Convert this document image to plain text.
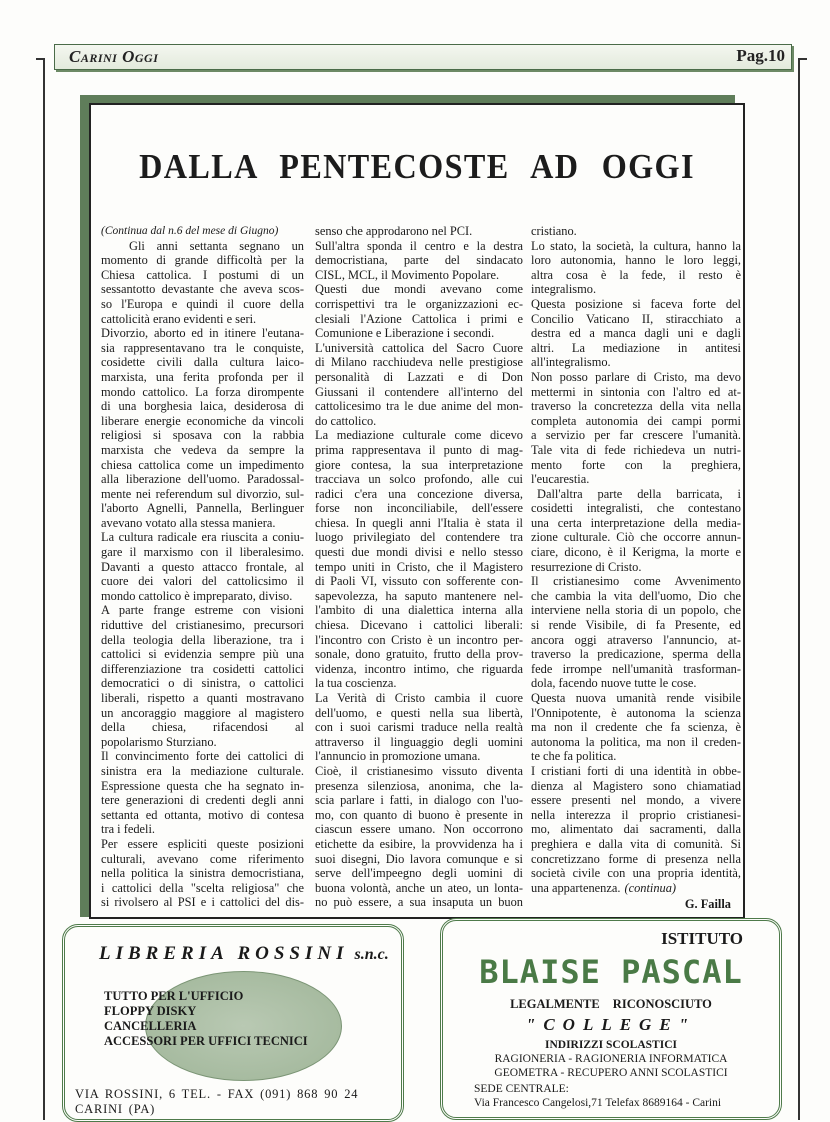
Carini Oggi	Pag.10
DALLA PENTECOSTE AD OGGI
(Continua dal n.6 del mese di Giugno)
Gli anni settanta segnano un
momento di grande difficoltà per la
Chiesa cattolica. I postumi di un
sessantotto devastante che aveva scos-
so l'Europa e quindi il cuore della
cattolicità erano evidenti e seri.
Divorzio, aborto ed in itinere l'eutana-
sia rappresentavano tra le conquiste,
cosidette civili dalla cultura laico-
marxista, una ferita profonda per il
mondo cattolico. La forza dirompente
di una borghesia laica, desiderosa di
liberare energie economiche da vincoli
religiosi si sposava con la rabbia
marxista che vedeva da sempre la
chiesa cattolica come un impedimento
alla liberazione dell'uomo. Paradossal-
mente nei referendum sul divorzio, sul-
l'aborto Agnelli, Pannella, Berlinguer
avevano votato alla stessa maniera.
La cultura radicale era riuscita a coniu-
gare il marxismo con il liberalesimo.
Davanti a questo attacco frontale, al
cuore dei valori del cattolicsimo il
mondo cattolico è impreparato, diviso.
A parte frange estreme con visioni
riduttive del cristianesimo, precursori
della teologia della liberazione, tra i
cattolici si evidenzia sempre più una
differenziazione tra cosidetti cattolici
democratici o di sinistra, o cattolici
liberali, rispetto a quanti mostravano
un ancoraggio maggiore al magistero
della chiesa, rifacendosi al
popolarismo Sturziano.
Il convincimento forte dei cattolici di
sinistra era la mediazione culturale.
Espressione questa che ha segnato in-
tere generazioni di credenti degli anni
settanta ed ottanta, motivo di contesa
tra i fedeli.
Per essere espliciti queste posizioni
culturali, avevano come riferimento
nella politica la sinistra democristiana,
i cattolici della "scelta religiosa" che
si rivolsero al PSI e i cattolici del dis-
senso che approdarono nel PCI.
Sull'altra sponda il centro e la destra
democristiana, parte del sindacato
CISL, MCL, il Movimento Popolare.
Questi due mondi avevano come
corrispettivi tra le organizzazioni ec-
clesiali l'Azione Cattolica i primi e
Comunione e Liberazione i secondi.
L'università cattolica del Sacro Cuore
di Milano racchiudeva nelle prestigiose
personalità di Lazzati e di Don
Giussani il contendere all'interno del
cattolicesimo tra le due anime del mon-
do cattolico.
La mediazione culturale come dicevo
prima rappresentava il punto di mag-
giore contesa, la sua interpretazione
tracciava un solco profondo, alle cui
radici c'era una concezione diversa,
forse non inconciliabile, dell'essere
chiesa. In quegli anni l'Italia è stata il
luogo privilegiato del contendere tra
questi due mondi divisi e nello stesso
tempo uniti in Cristo, che il Magistero
di Paoli VI, vissuto con sofferente con-
sapevolezza, ha saputo mantenere nel-
l'ambito di una dialettica interna alla
chiesa. Dicevano i cattolici liberali:
l'incontro con Cristo è un incontro per-
sonale, dono gratuito, frutto della prov-
videnza, incontro intimo, che riguarda
la tua coscienza.
La Verità di Cristo cambia il cuore
dell'uomo, e questi nella sua libertà,
con i suoi carismi traduce nella realtà
attraverso il linguaggio degli uomini
l'annuncio in promozione umana.
Cioè, il cristianesimo vissuto diventa
presenza silenziosa, anonima, che la-
scia parlare i fatti, in dialogo con l'uo-
mo, con quanto di buono è presente in
ciascun essere umano. Non occorrono
etichette da esibire, la provvidenza ha i
suoi disegni, Dio lavora comunque e si
serve dell'impeegno degli uomini di
buona volontà, anche un ateo, un lonta-
no può essere, a sua insaputa un buon
cristiano.
Lo stato, la società, la cultura, hanno la
loro autonomia, hanno le loro leggi,
altra cosa è la fede, il resto è
integralismo.
Questa posizione si faceva forte del
Concilio Vaticano II, stiracchiato a
destra ed a manca dagli uni e dagli
altri. La mediazione in antitesi
all'integralismo.
Non posso parlare di Cristo, ma devo
mettermi in sintonia con l'altro ed at-
traverso la concretezza della vita nella
completa autonomia dei campi pormi
a servizio per far crescere l'umanità.
Tale vita di fede richiedeva un nutri-
mento forte con la preghiera,
l'eucarestia.
Dall'altra parte della barricata, i
cosidetti integralisti, che contestano
una certa interpretazione della media-
zione culturale. Ciò che occorre annun-
ciare, dicono, è il Kerigma, la morte e
resurrezione di Cristo.
Il cristianesimo come Avvenimento
che cambia la vita dell'uomo, Dio che
interviene nella storia di un popolo, che
si rende Visibile, di fa Presente, ed
ancora oggi atraverso l'annuncio, at-
traverso la predicazione, sperma della
fede irrompe nell'umanità trasforman-
dola, facendo nuove tutte le cose.
Questa nuova umanità rende visibile
l'Onnipotente, è autonoma la scienza
ma non il credente che fa scienza, è
autonoma la politica, ma non il creden-
te che fa politica.
I cristiani forti di una identità in obbe-
dienza al Magistero sono chiamatiad
essere presenti nel mondo, a vivere
nella interezza il proprio cristianesi-
mo, alimentato dai sacramenti, dalla
preghiera e dalla vita di comunità. Si
concretizzano forme di presenza nella
società civile con una propria identità,
una appartenenza. (continua)
G. Failla
LIBRERIA ROSSINI s.n.c.
TUTTO PER L'UFFICIO
FLOPPY DISKY
CANCELLERIA
ACCESSORI PER UFFICI TECNICI
VIA ROSSINI, 6 TEL. - FAX (091) 868 90 24 CARINI (PA)
ISTITUTO
BLAISE PASCAL
LEGALMENTE RICONOSCIUTO
"COLLEGE"
INDIRIZZI SCOLASTICI
RAGIONERIA - RAGIONERIA INFORMATICA
GEOMETRA - RECUPERO ANNI SCOLASTICI
SEDE CENTRALE:
Via Francesco Cangelosi,71 Telefax 8689164 - Carini
